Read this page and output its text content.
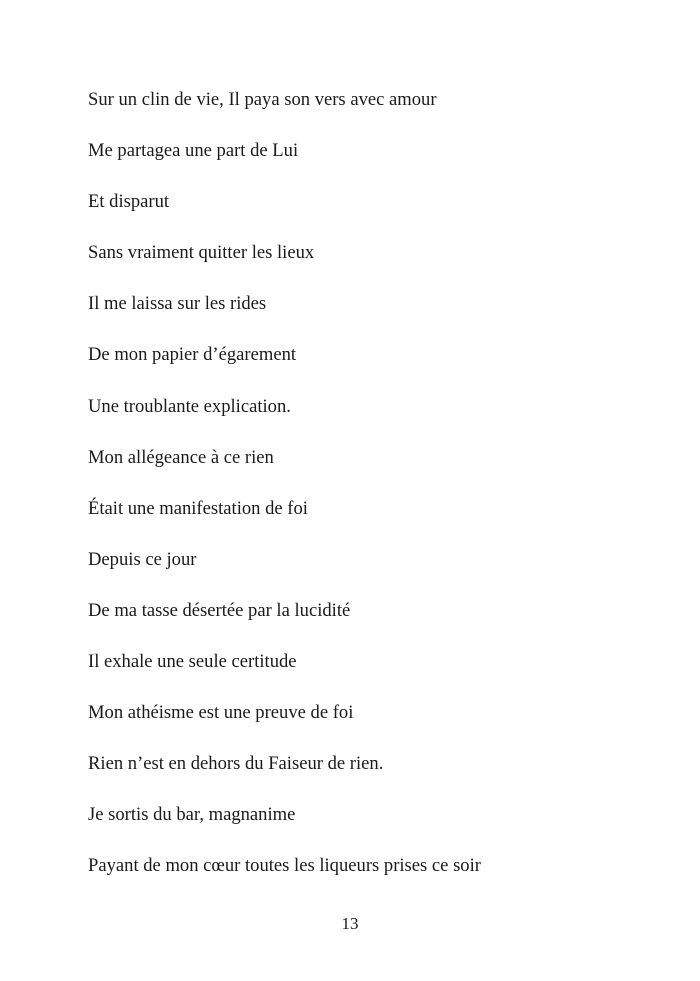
Sur un clin de vie, Il paya son vers avec amour
Me partagea une part de Lui
Et disparut
Sans vraiment quitter les lieux
Il me laissa sur les rides
De mon papier d’égarement
Une troublante explication.
Mon allégeance à ce rien
Était une manifestation de foi
Depuis ce jour
De ma tasse désertée par la lucidité
Il exhale une seule certitude
Mon athéisme est une preuve de foi
Rien n’est en dehors du Faiseur de rien.
Je sortis du bar, magnanime
Payant de mon cœur toutes les liqueurs prises ce soir
13
